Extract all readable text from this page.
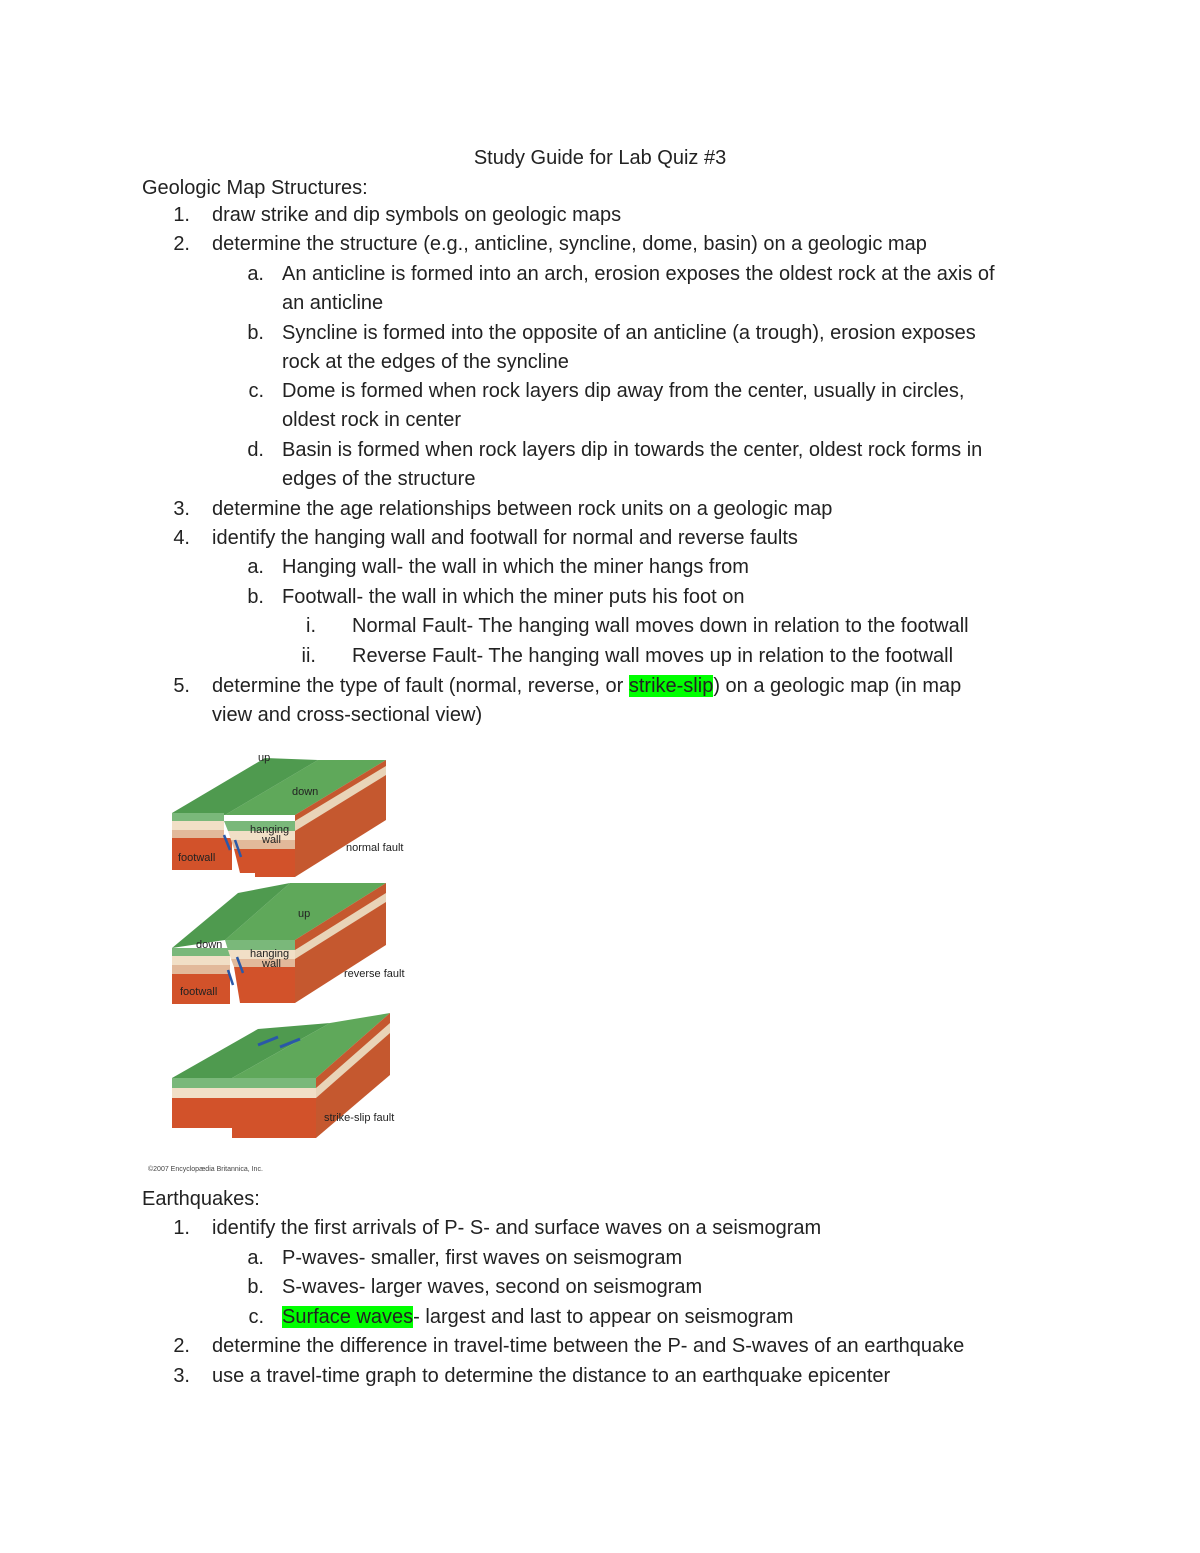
Study Guide for Lab Quiz #3
Geologic Map Structures:
1. draw strike and dip symbols on geologic maps
2. determine the structure (e.g., anticline, syncline, dome, basin) on a geologic map
a. An anticline is formed into an arch, erosion exposes the oldest rock at the axis of
an anticline
b. Syncline is formed into the opposite of an anticline (a trough), erosion exposes
rock at the edges of the syncline
c. Dome is formed when rock layers dip away from the center, usually in circles,
oldest rock in center
d. Basin is formed when rock layers dip in towards the center, oldest rock forms in
edges of the structure
3. determine the age relationships between rock units on a geologic map
4. identify the hanging wall and footwall for normal and reverse faults
a. Hanging wall- the wall in which the miner hangs from
b. Footwall- the wall in which the miner puts his foot on
i. Normal Fault- The hanging wall moves down in relation to the footwall
ii. Reverse Fault- The hanging wall moves up in relation to the footwall
5. determine the type of fault (normal, reverse, or strike-slip) on a geologic map (in map
view and cross-sectional view)
up
down
hanging
wall
footwall
normal fault
up
down
hanging
wall
footwall
reverse fault
strike-slip fault
©2007 Encyclopædia Britannica, Inc.
Earthquakes:
1. identify the first arrivals of P- S- and surface waves on a seismogram
a. P-waves- smaller, first waves on seismogram
b. S-waves- larger waves, second on seismogram
c. Surface waves- largest and last to appear on seismogram
2. determine the difference in travel-time between the P- and S-waves of an earthquake
3. use a travel-time graph to determine the distance to an earthquake epicenter
